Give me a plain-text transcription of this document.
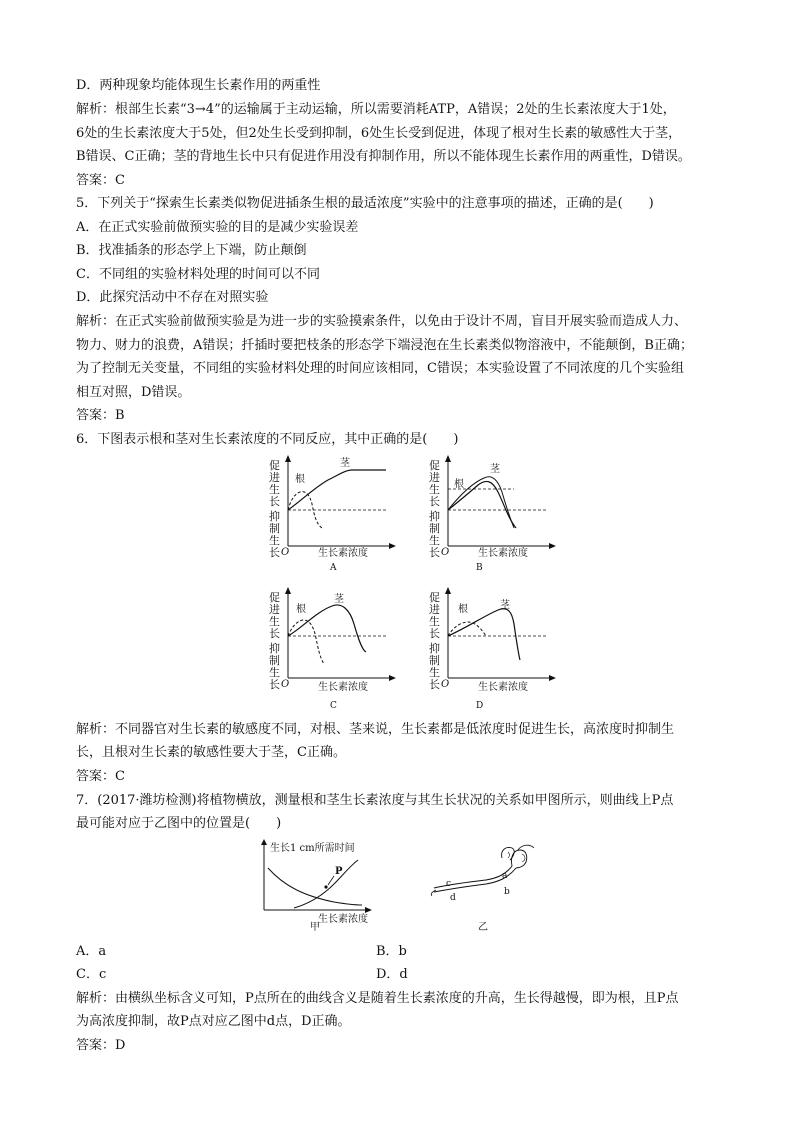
D．两种现象均能体现生长素作用的两重性
解析：根部生长素“3→4”的运输属于主动运输，所以需要消耗ATP，A错误；2处的生长素浓度大于1处，
6处的生长素浓度大于5处，但2处生长受到抑制，6处生长受到促进，体现了根对生长素的敏感性大于茎，
B错误、C正确；茎的背地生长中只有促进作用没有抑制作用，所以不能体现生长素作用的两重性，D错误。
答案：C
5．下列关于“探索生长素类似物促进插条生根的最适浓度”实验中的注意事项的描述，正确的是(　　)
A．在正式实验前做预实验的目的是减少实验误差
B．找准插条的形态学上下端，防止颠倒
C．不同组的实验材料处理的时间可以不同
D．此探究活动中不存在对照实验
解析：在正式实验前做预实验是为进一步的实验摸索条件，以免由于设计不周，盲目开展实验而造成人力、
物力、财力的浪费，A错误；扦插时要把枝条的形态学下端浸泡在生长素类似物溶液中，不能颠倒，B正确；
为了控制无关变量，不同组的实验材料处理的时间应该相同，C错误；本实验设置了不同浓度的几个实验组
相互对照，D错误。
答案：B
6．下图表示根和茎对生长素浓度的不同反应，其中正确的是(　　)
促
进
生
长
抑
制
生
长 O	生长素浓度
根
茎
A
促
进
生
长
抑
制
生
长 O	生长素浓度
根
茎
B
促
进
生
长
抑
制
生
长 O	生长素浓度
根
茎
C
促
进
生
长
抑
制
生
长 O	生长素浓度
根	茎
D
解析：不同器官对生长素的敏感度不同，对根、茎来说，生长素都是低浓度时促进生长，高浓度时抑制生
长，且根对生长素的敏感性要大于茎，C正确。
答案：C
7．(2017·潍坊检测)将植物横放，测量根和茎生长素浓度与其生长状况的关系如甲图所示，则曲线上P点
最可能对应于乙图中的位置是(　　)
生长1 cm所需时间
P
生长素浓度
甲
a
b
c
d
乙
A．a	B．b
C．c	D．d
解析：由横纵坐标含义可知，P点所在的曲线含义是随着生长素浓度的升高，生长得越慢，即为根，且P点
为高浓度抑制，故P点对应乙图中d点，D正确。
答案：D
